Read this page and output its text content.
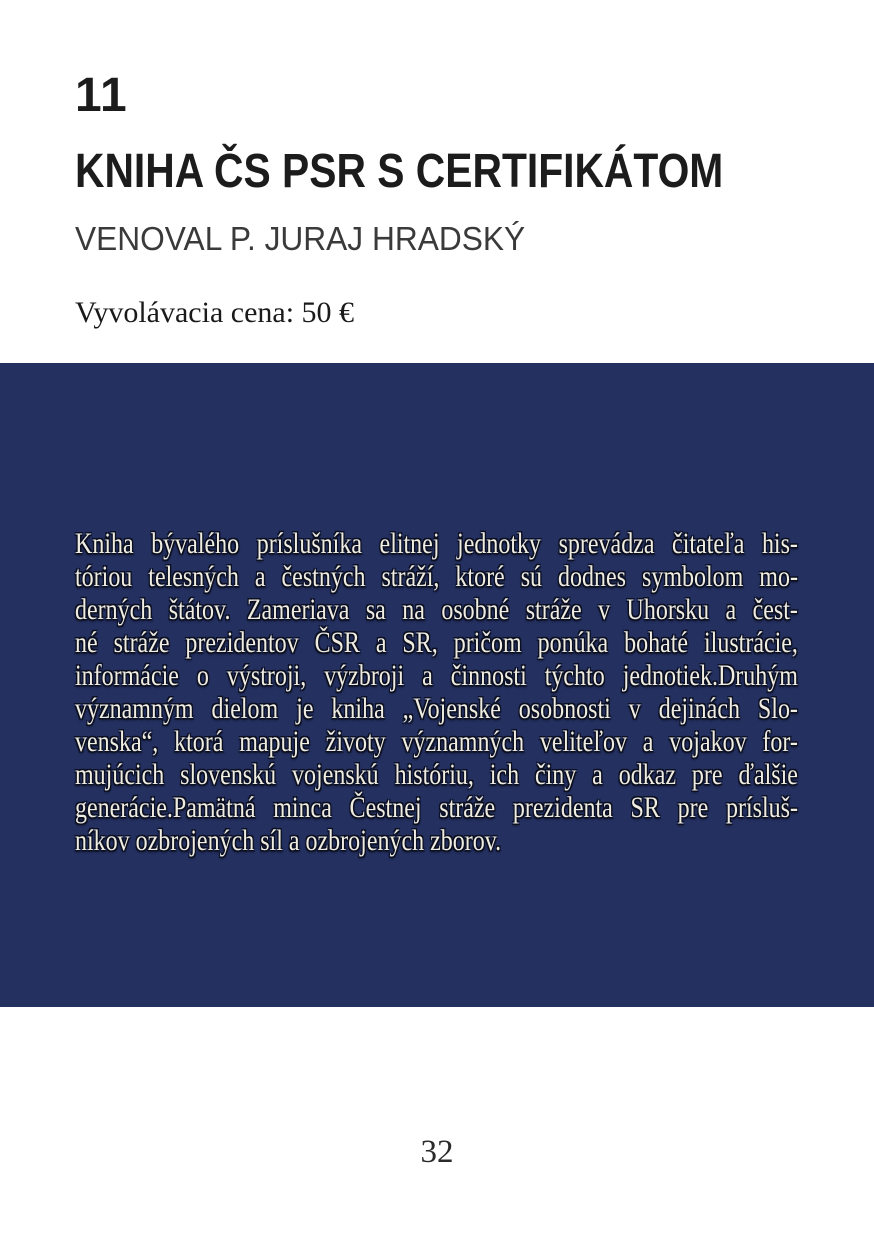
11
KNIHA ČS PSR S CERTIFIKÁTOM
VENOVAL P. JURAJ HRADSKÝ
Vyvolávacia cena: 50 €
Kniha bývalého príslušníka elitnej jednotky sprevádza čitateľa his-
tóriou telesných a čestných stráží, ktoré sú dodnes symbolom mo-
derných štátov. Zameriava sa na osobné stráže v Uhorsku a čest-
né stráže prezidentov ČSR a SR, pričom ponúka bohaté ilustrácie,
informácie o výstroji, výzbroji a činnosti týchto jednotiek.Druhým
významným dielom je kniha „Vojenské osobnosti v dejinách Slo-
venska“, ktorá mapuje životy významných veliteľov a vojakov for-
mujúcich slovenskú vojenskú históriu, ich činy a odkaz pre ďalšie
generácie.Pamätná minca Čestnej stráže prezidenta SR pre prísluš-
níkov ozbrojených síl a ozbrojených zborov.
32
